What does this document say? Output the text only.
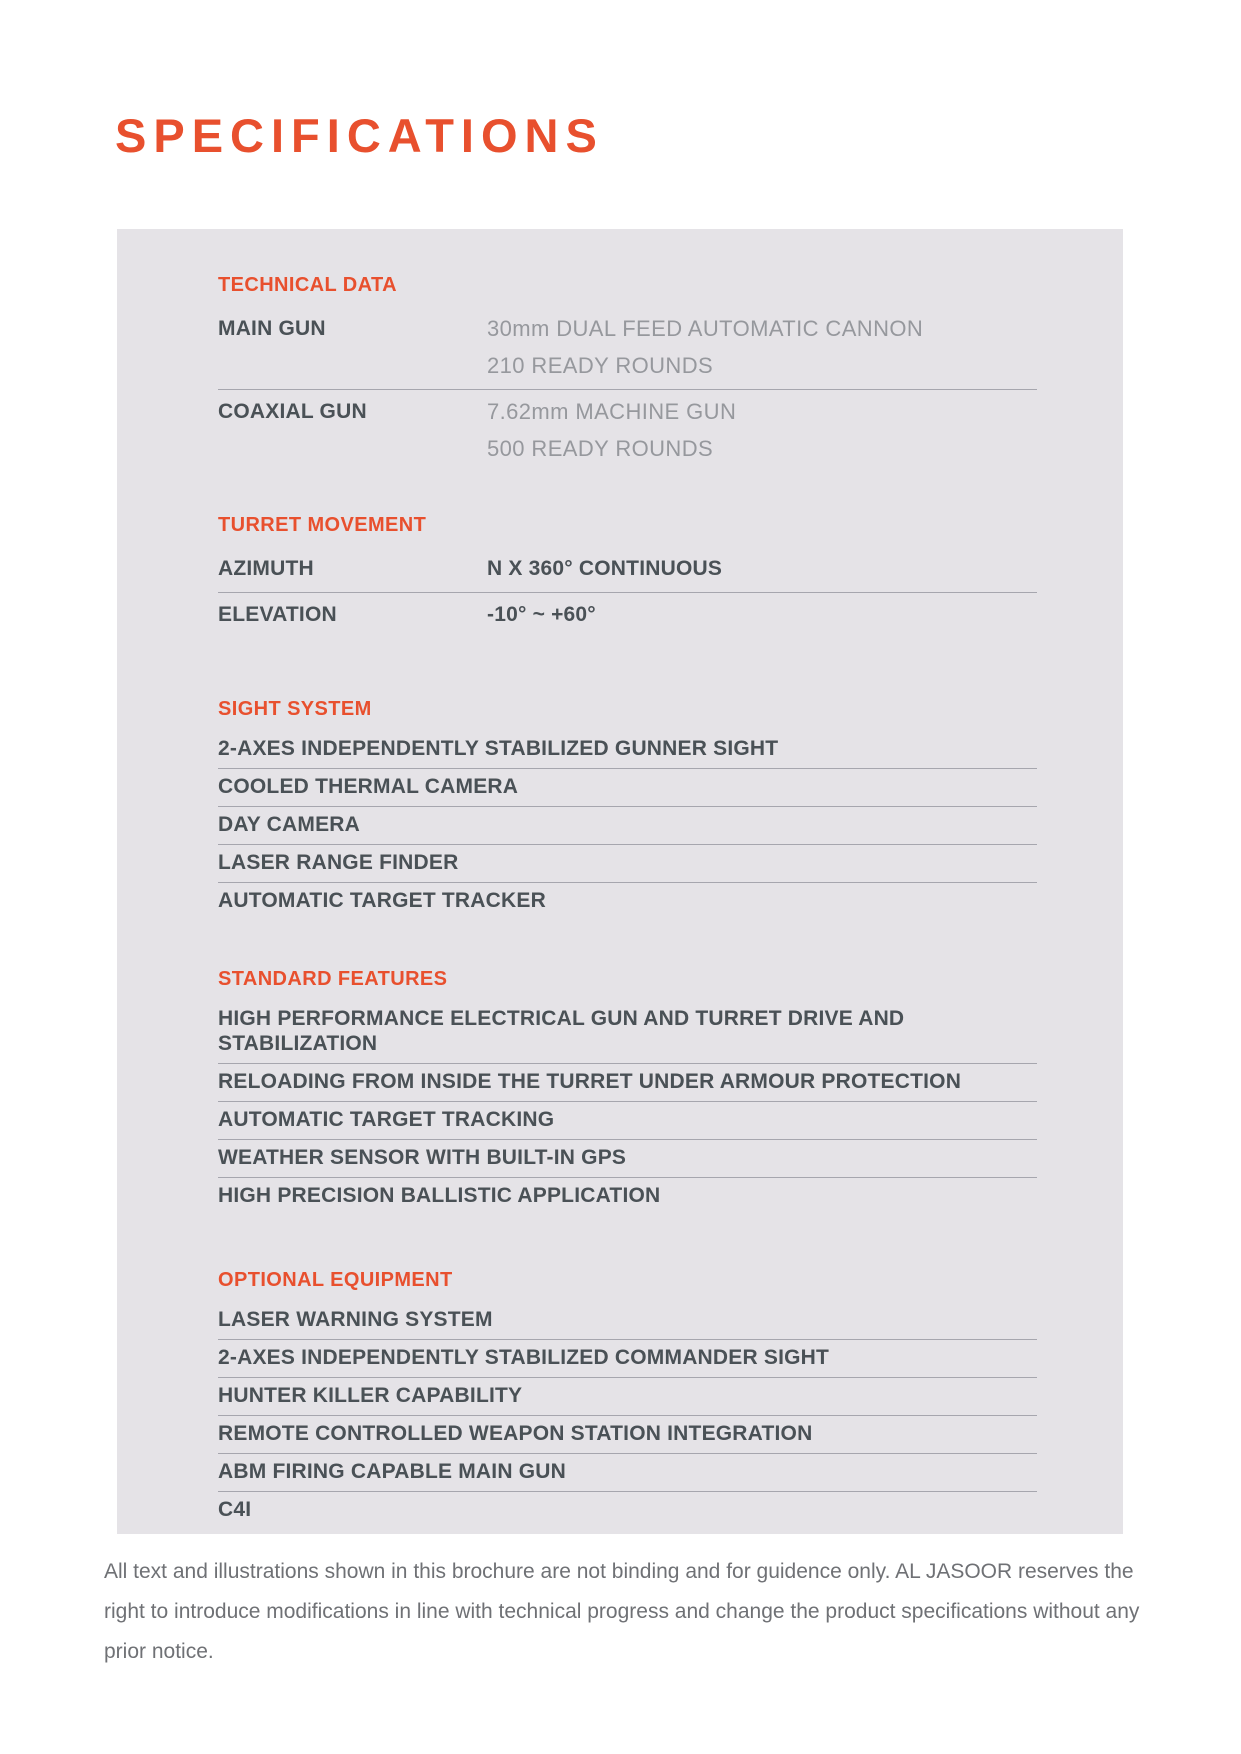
SPECIFICATIONS
TECHNICAL DATA
MAIN GUN	30mm DUAL FEED AUTOMATIC CANNON
210 READY ROUNDS
COAXIAL GUN	7.62mm MACHINE GUN
500 READY ROUNDS
TURRET MOVEMENT
AZIMUTH	N X 360° CONTINUOUS
ELEVATION	-10° ~ +60°
SIGHT SYSTEM
2-AXES INDEPENDENTLY STABILIZED GUNNER SIGHT
COOLED THERMAL CAMERA
DAY CAMERA
LASER RANGE FINDER
AUTOMATIC TARGET TRACKER
STANDARD FEATURES
HIGH PERFORMANCE ELECTRICAL GUN AND TURRET DRIVE AND STABILIZATION
RELOADING FROM INSIDE THE TURRET UNDER ARMOUR PROTECTION
AUTOMATIC TARGET TRACKING
WEATHER SENSOR WITH BUILT-IN GPS
HIGH PRECISION BALLISTIC APPLICATION
OPTIONAL EQUIPMENT
LASER WARNING SYSTEM
2-AXES INDEPENDENTLY STABILIZED COMMANDER SIGHT
HUNTER KILLER CAPABILITY
REMOTE CONTROLLED WEAPON STATION INTEGRATION
ABM FIRING CAPABLE MAIN GUN
C4I

All text and illustrations shown in this brochure are not binding and for guidence only. AL JASOOR reserves the right to introduce modifications in line with technical progress and change the product specifications without any prior notice.
